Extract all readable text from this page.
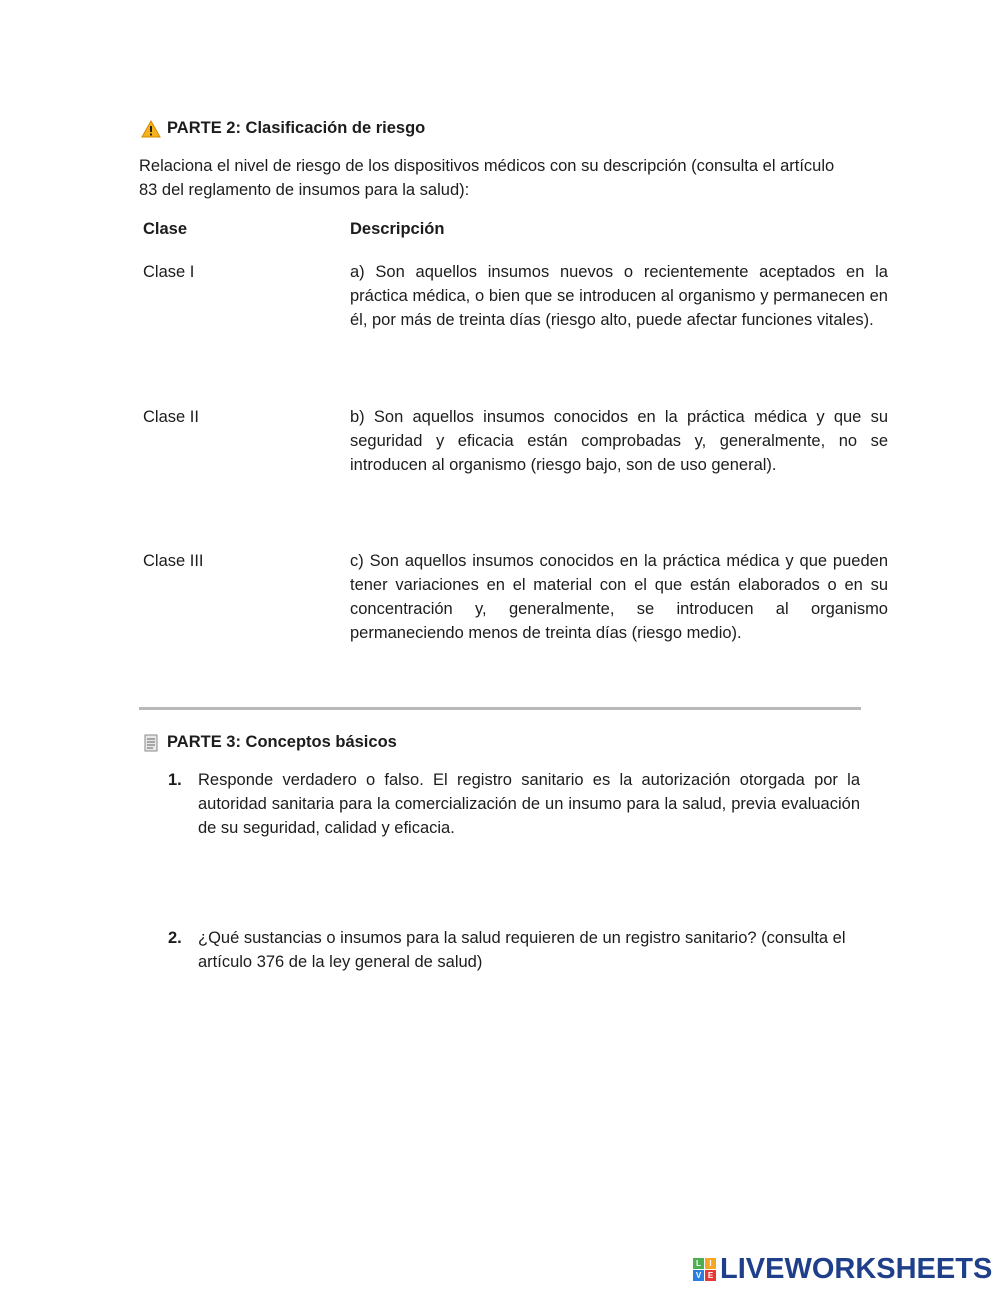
PARTE 2: Clasificación de riesgo
Relaciona el nivel de riesgo de los dispositivos médicos con su descripción (consulta el artículo
83 del reglamento de insumos para la salud):
Clase	Descripción
Clase I	a) Son aquellos insumos nuevos o recientemente aceptados en la práctica médica, o bien que se introducen al organismo y permanecen en él, por más de treinta días (riesgo alto, puede afectar funciones vitales).
Clase II	b) Son aquellos insumos conocidos en la práctica médica y que su seguridad y eficacia están comprobadas y, generalmente, no se introducen al organismo (riesgo bajo, son de uso general).
Clase III	c) Son aquellos insumos conocidos en la práctica médica y que pueden tener variaciones en el material con el que están elaborados o en su concentración y, generalmente, se introducen al organismo permaneciendo menos de treinta días (riesgo medio).
PARTE 3: Conceptos básicos
1. Responde verdadero o falso. El registro sanitario es la autorización otorgada por la autoridad sanitaria para la comercialización de un insumo para la salud, previa evaluación de su seguridad, calidad y eficacia.
2. ¿Qué sustancias o insumos para la salud requieren de un registro sanitario? (consulta el artículo 376 de la ley general de salud)
L	I
V E LIVEWORKSHEETS
